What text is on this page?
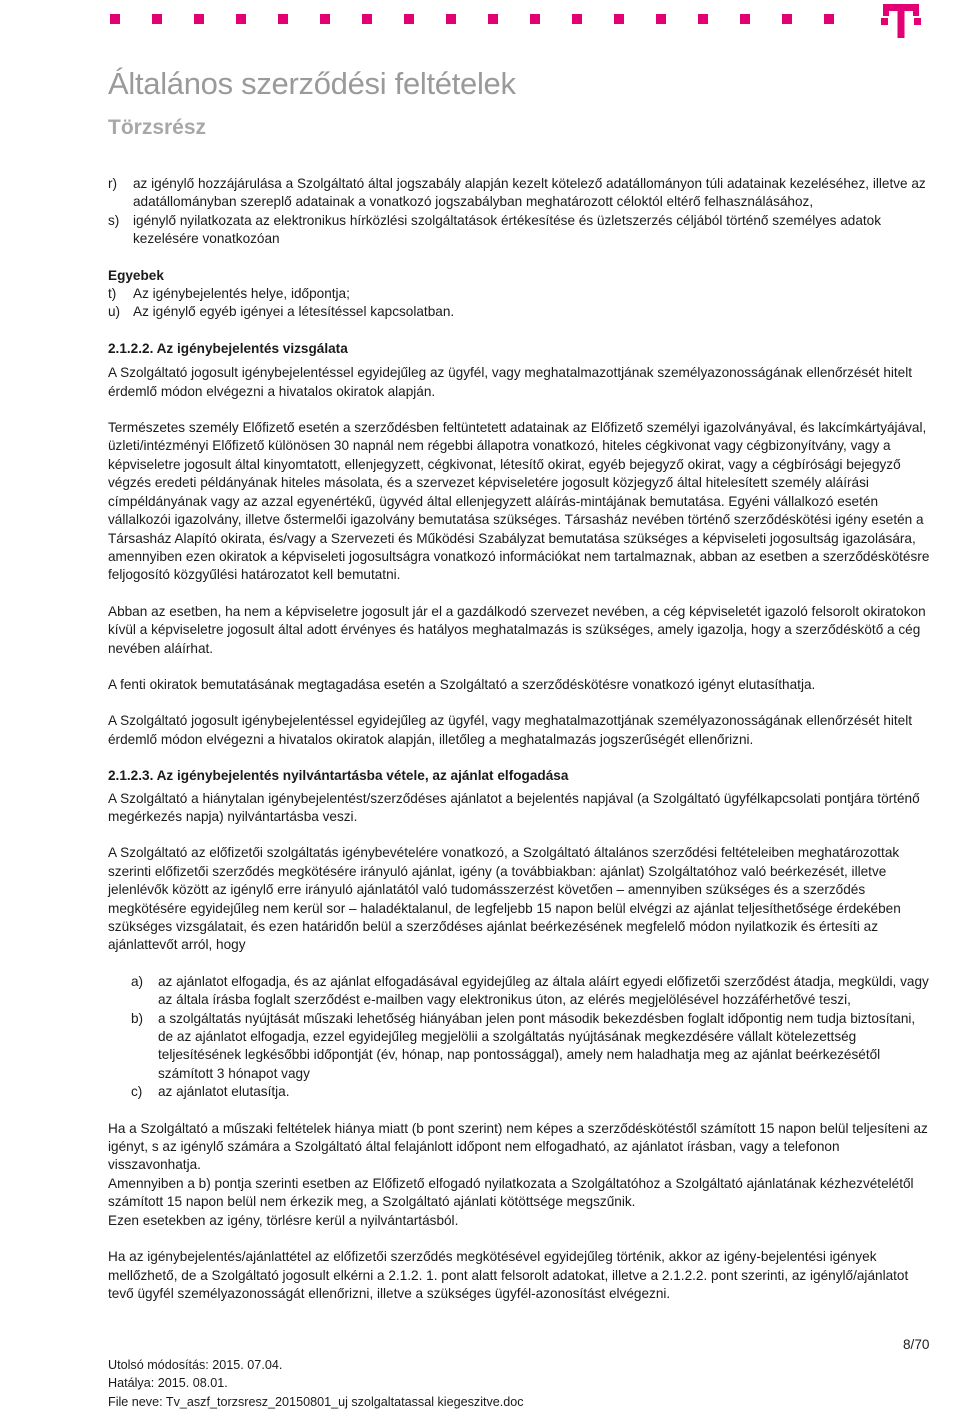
Általános szerződési feltételek
Törzsrész
r)	az igénylő hozzájárulása a Szolgáltató által jogszabály alapján kezelt kötelező adatállományon túli adatainak kezeléséhez, illetve az adatállományban szereplő adatainak a vonatkozó jogszabályban meghatározott céloktól eltérő felhasználásához,
s)	igénylő nyilatkozata az elektronikus hírközlési szolgáltatások értékesítése és üzletszerzés céljából történő személyes adatok kezelésére vonatkozóan

Egyebek

t)	Az igénybejelentés helye, időpontja;
u) Az igénylő egyéb igényei a létesítéssel kapcsolatban.

2.1.2.2. Az igénybejelentés vizsgálata

A Szolgáltató jogosult igénybejelentéssel egyidejűleg az ügyfél, vagy meghatalmazottjának személyazonosságának ellenőrzését hitelt érdemlő módon elvégezni a hivatalos okiratok alapján.

Természetes személy Előfizető esetén a szerződésben feltüntetett adatainak az Előfizető személyi igazolványával, és lakcímkártyájával, üzleti/intézményi Előfizető különösen 30 napnál nem régebbi állapotra vonatkozó, hiteles cégkivonat vagy cégbizonyítvány, vagy a képviseletre jogosult által kinyomtatott, ellenjegyzett, cégkivonat, létesítő okirat, egyéb bejegyző okirat, vagy a cégbírósági bejegyző végzés eredeti példányának hiteles másolata, és a szervezet képviseletére jogosult közjegyző által hitelesített személy aláírási címpéldányának vagy az azzal egyenértékű, ügyvéd által ellenjegyzett aláírás-mintájának bemutatása. Egyéni vállalkozó esetén vállalkozói igazolvány, illetve őstermelői igazolvány bemutatása szükséges. Társasház nevében történő szerződéskötési igény esetén a Társasház Alapító okirata, és/vagy a Szervezeti és Működési Szabályzat bemutatása szükséges a képviseleti jogosultság igazolására, amennyiben ezen okiratok a képviseleti jogosultságra vonatkozó információkat nem tartalmaznak, abban az esetben a szerződéskötésre feljogosító közgyűlési határozatot kell bemutatni.

Abban az esetben, ha nem a képviseletre jogosult jár el a gazdálkodó szervezet nevében, a cég képviseletét igazoló felsorolt okiratokon kívül a képviseletre jogosult által adott érvényes és hatályos meghatalmazás is szükséges, amely igazolja, hogy a szerződéskötő a cég nevében aláírhat.

A fenti okiratok bemutatásának megtagadása esetén a Szolgáltató a szerződéskötésre vonatkozó igényt elutasíthatja.

A Szolgáltató jogosult igénybejelentéssel egyidejűleg az ügyfél, vagy meghatalmazottjának személyazonosságának ellenőrzését hitelt érdemlő módon elvégezni a hivatalos okiratok alapján, illetőleg a meghatalmazás jogszerűségét ellenőrizni.

2.1.2.3. Az igénybejelentés nyilvántartásba vétele, az ajánlat elfogadása

A Szolgáltató a hiánytalan igénybejelentést/szerződéses ajánlatot a bejelentés napjával (a Szolgáltató ügyfélkapcsolati pontjára történő megérkezés napja) nyilvántartásba veszi.

A Szolgáltató az előfizetői szolgáltatás igénybevételére vonatkozó, a Szolgáltató általános szerződési feltételeiben meghatározottak szerinti előfizetői szerződés megkötésére irányuló ajánlat, igény (a továbbiakban: ajánlat) Szolgáltatóhoz való beérkezését, illetve jelenlévők között az igénylő erre irányuló ajánlatától való tudomásszerzést követően – amennyiben szükséges és a szerződés megkötésére egyidejűleg nem kerül sor – haladéktalanul, de legfeljebb 15 napon belül elvégzi az ajánlat teljesíthetősége érdekében szükséges vizsgálatait, és ezen határidőn belül a szerződéses ajánlat beérkezésének megfelelő módon nyilatkozik és értesíti az ajánlattevőt arról, hogy

a)	az ajánlatot elfogadja, és az ajánlat elfogadásával egyidejűleg az általa aláírt egyedi előfizetői szerződést átadja, megküldi, vagy az általa írásba foglalt szerződést e-mailben vagy elektronikus úton, az elérés megjelölésével hozzáférhetővé teszi,
b)	a szolgáltatás nyújtását műszaki lehetőség hiányában jelen pont második bekezdésben foglalt időpontig nem tudja biztosítani, de az ajánlatot elfogadja, ezzel egyidejűleg megjelölii a szolgáltatás nyújtásának megkezdésére vállalt kötelezettség teljesítésének legkésőbbi időpontját (év, hónap, nap pontossággal), amely nem haladhatja meg az ajánlat beérkezésétől számított 3 hónapot vagy
c)	az ajánlatot elutasítja.

Ha a Szolgáltató a műszaki feltételek hiánya miatt (b pont szerint) nem képes a szerződéskötéstől számított 15 napon belül teljesíteni az igényt, s az igénylő számára a Szolgáltató által felajánlott időpont nem elfogadható, az ajánlatot írásban, vagy a telefonon visszavonhatja.

Amennyiben a b) pontja szerinti esetben az Előfizető elfogadó nyilatkozata a Szolgáltatóhoz a Szolgáltató ajánlatának kézhezvételétől számított 15 napon belül nem érkezik meg, a Szolgáltató ajánlati kötöttsége megszűnik.

Ezen esetekben az igény, törlésre kerül a nyilvántartásból.

Ha az igénybejelentés/ajánlattétel az előfizetői szerződés megkötésével egyidejűleg történik, akkor az igény-bejelentési igények mellőzhető, de a Szolgáltató jogosult elkérni a 2.1.2. 1. pont alatt felsorolt adatokat, illetve a 2.1.2.2. pont szerinti, az igénylő/ajánlatot tevő ügyfél személyazonosságát ellenőrizni, illetve a szükséges ügyfél-azonosítást elvégezni.

8/70
Utolsó módosítás: 2015. 07.04.
Hatálya: 2015. 08.01.
File neve: Tv_aszf_torzsresz_20150801_uj szolgaltatassal kiegeszitve.doc
